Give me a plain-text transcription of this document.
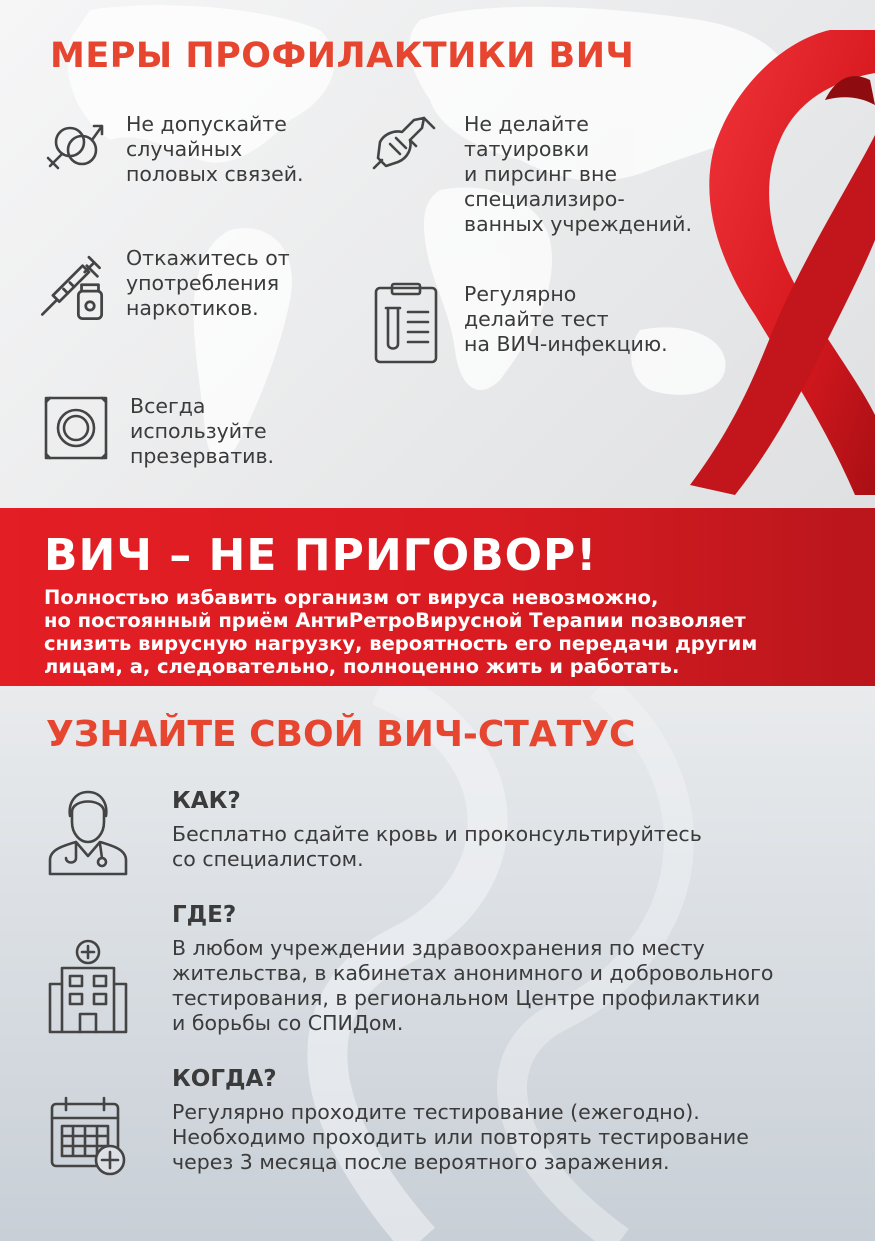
МЕРЫ ПРОФИЛАКТИКИ ВИЧ
Не допускайте
случайных
половых связей.
Откажитесь от
употребления
наркотиков.
Всегда
используйте
презерватив.
Не делайте
татуировки
и пирсинг вне
специализиро-
ванных учреждений.
Регулярно
делайте тест
на ВИЧ-инфекцию.
ВИЧ – НЕ ПРИГОВОР!

Полностью избавить организм от вируса невозможно,
но постоянный приём АнтиРетроВирусной Терапии позволяет
снизить вирусную нагрузку, вероятность его передачи другим
лицам, а, следовательно, полноценно жить и работать.

УЗНАЙТЕ СВОЙ ВИЧ-СТАТУС
КАК?
Бесплатно сдайте кровь и проконсультируйтесь
со специалистом.
ГДЕ?
В любом учреждении здравоохранения по месту
жительства, в кабинетах анонимного и добровольного
тестирования, в региональном Центре профилактики
и борьбы со СПИДом.
КОГДА?
Регулярно проходите тестирование (ежегодно).
Необходимо проходить или повторять тестирование
через 3 месяца после вероятного заражения.
